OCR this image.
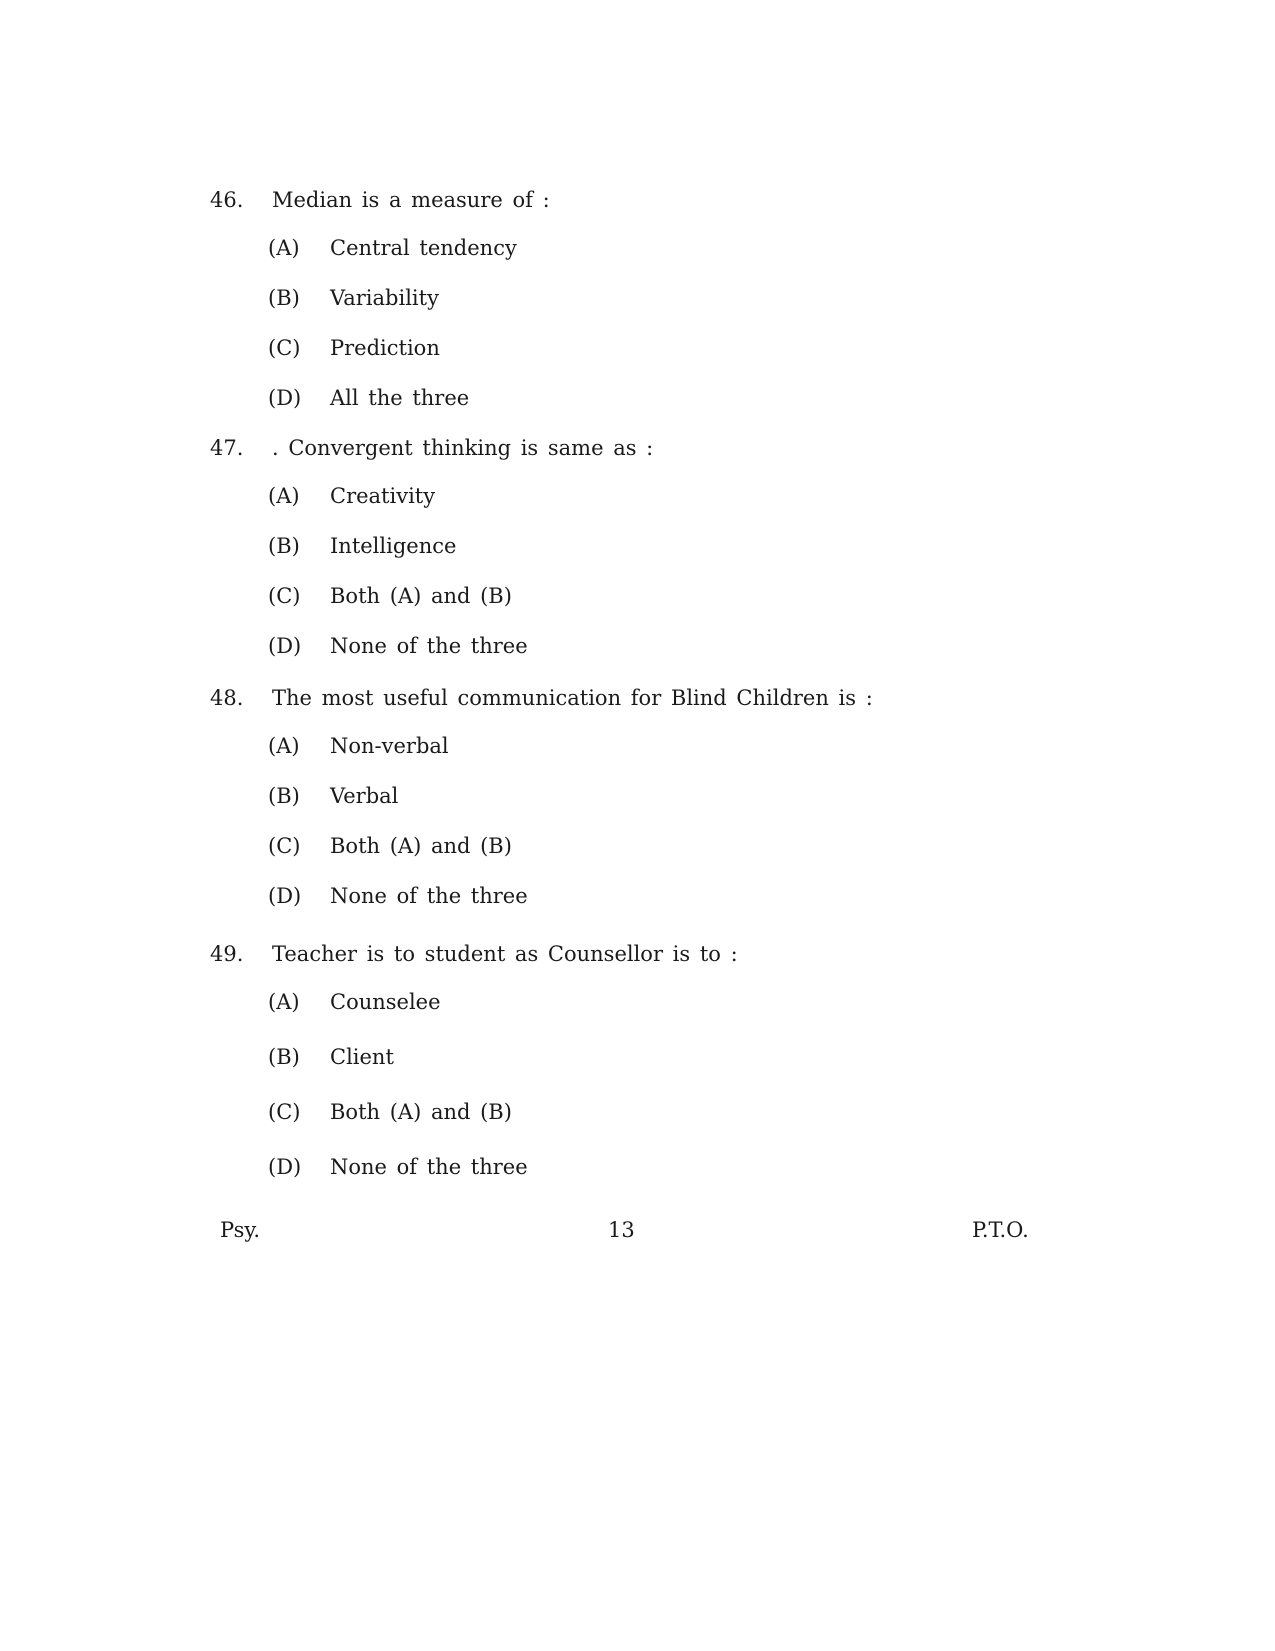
46.	Median is a measure of :
(A)	Central tendency
(B)	Variability
(C)	Prediction
(D)	All the three
47.	. Convergent thinking is same as :
(A)	Creativity
(B)	Intelligence
(C)	Both (A) and (B)
(D)	None of the three
48.	The most useful communication for Blind Children is :
(A)	Non-verbal
(B)	Verbal
(C)	Both (A) and (B)
(D)	None of the three
49.	Teacher is to student as Counsellor is to :
(A)	Counselee
(B)	Client
(C)	Both (A) and (B)
(D)	None of the three
Psy.	13	P.T.O.
